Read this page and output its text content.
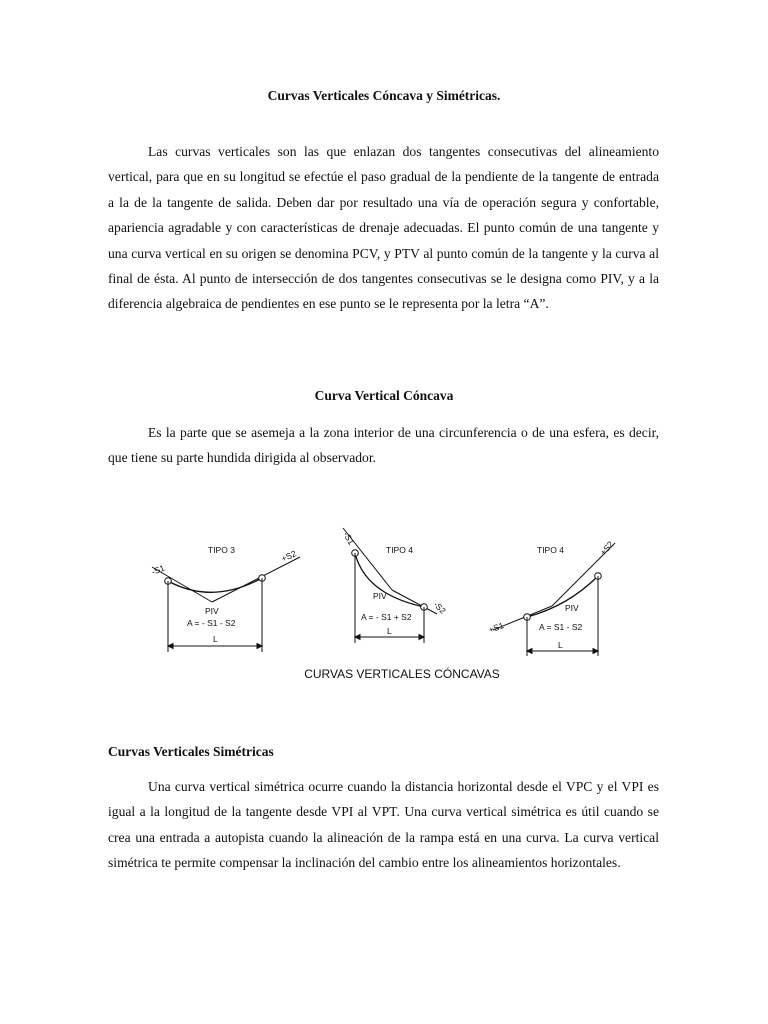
Curvas Verticales Cóncava y Simétricas.

Las curvas verticales son las que enlazan dos tangentes consecutivas del alineamiento vertical, para que en su longitud se efectúe el paso gradual de la pendiente de la tangente de entrada a la de la tangente de salida. Deben dar por resultado una vía de operación segura y confortable, apariencia agradable y con características de drenaje adecuadas. El punto común de una tangente y una curva vertical en su origen se denomina PCV, y PTV al punto común de la tangente y la curva al final de ésta. Al punto de intersección de dos tangentes consecutivas se le designa como PIV, y a la diferencia algebraica de pendientes en ese punto se le representa por la letra “A”.

Curva Vertical Cóncava

Es la parte que se asemeja a la zona interior de una circunferencia o de una esfera, es decir, que tiene su parte hundida dirigida al observador.

TIPO 3
-S1
+S2
PIV
A = - S1 - S2
L
TIPO 4
-S1
-S2
PIV
A = - S1 + S2
L
TIPO 4
+S1
+S2
PIV
A = S1 - S2
L
CURVAS VERTICALES CÓNCAVAS
Curvas Verticales Simétricas

Una curva vertical simétrica ocurre cuando la distancia horizontal desde el VPC y el VPI es igual a la longitud de la tangente desde VPI al VPT. Una curva vertical simétrica es útil cuando se crea una entrada a autopista cuando la alineación de la rampa está en una curva. La curva vertical simétrica te permite compensar la inclinación del cambio entre los alineamientos horizontales.
